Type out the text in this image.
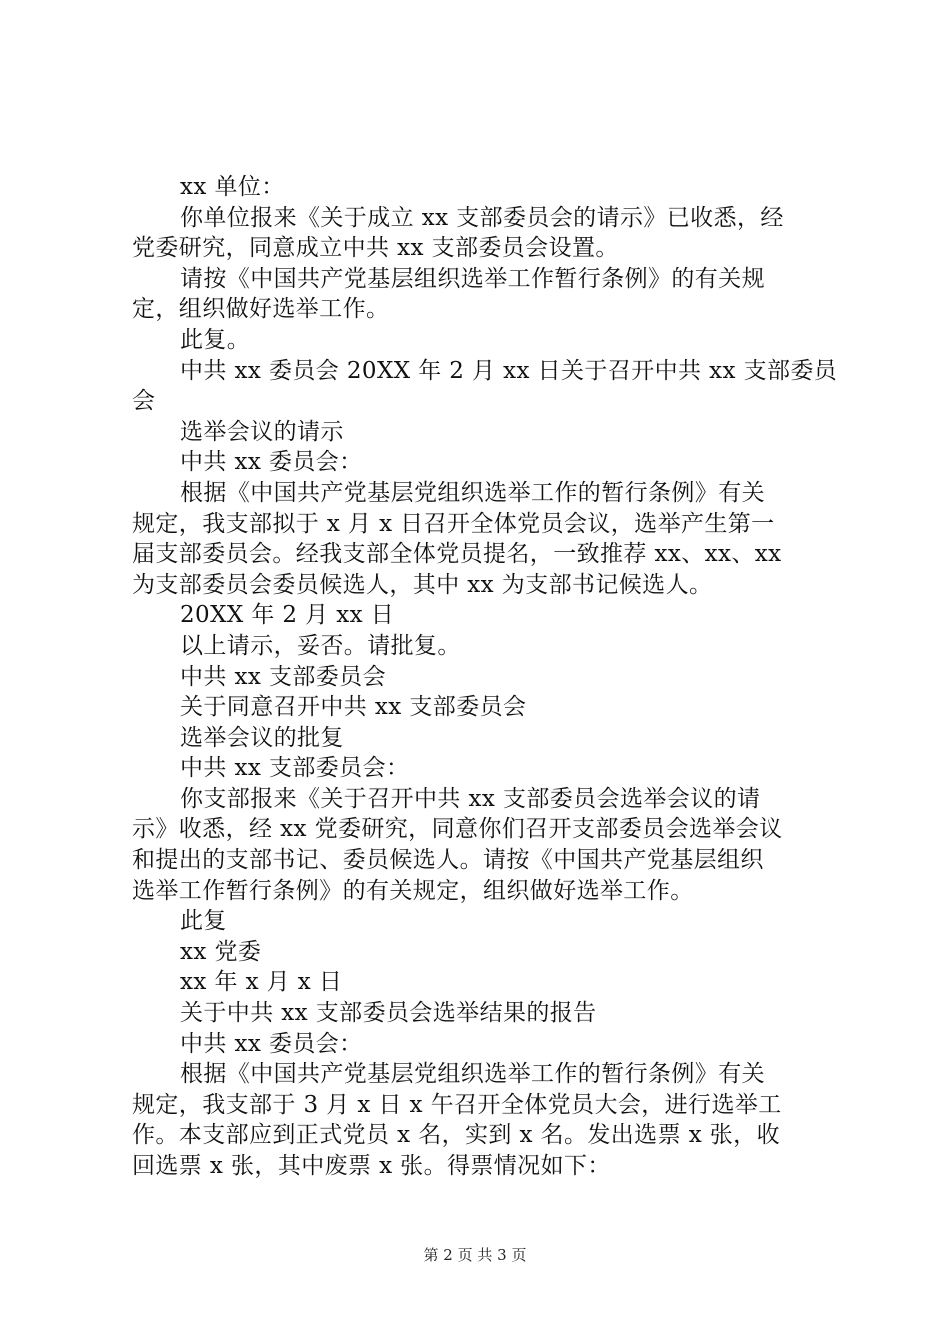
xx 单位：
你单位报来《关于成立 xx 支部委员会的请示》已收悉，经
党委研究，同意成立中共 xx 支部委员会设置。
请按《中国共产党基层组织选举工作暂行条例》的有关规
定，组织做好选举工作。
此复。
中共 xx 委员会 20XX 年 2 月 xx 日关于召开中共 xx 支部委员
会
选举会议的请示
中共 xx 委员会：
根据《中国共产党基层党组织选举工作的暂行条例》有关
规定，我支部拟于 x 月 x 日召开全体党员会议，选举产生第一
届支部委员会。经我支部全体党员提名，一致推荐 xx、xx、xx
为支部委员会委员候选人，其中 xx 为支部书记候选人。
20XX 年 2 月 xx 日
以上请示，妥否。请批复。
中共 xx 支部委员会
关于同意召开中共 xx 支部委员会
选举会议的批复
中共 xx 支部委员会：
你支部报来《关于召开中共 xx 支部委员会选举会议的请
示》收悉，经 xx 党委研究，同意你们召开支部委员会选举会议
和提出的支部书记、委员候选人。请按《中国共产党基层组织
选举工作暂行条例》的有关规定，组织做好选举工作。
此复
xx 党委
xx 年 x 月 x 日
关于中共 xx 支部委员会选举结果的报告
中共 xx 委员会：
根据《中国共产党基层党组织选举工作的暂行条例》有关
规定，我支部于 3 月 x 日 x 午召开全体党员大会，进行选举工
作。本支部应到正式党员 x 名，实到 x 名。发出选票 x 张，收
回选票 x 张，其中废票 x 张。得票情况如下：
第 2 页 共 3 页
